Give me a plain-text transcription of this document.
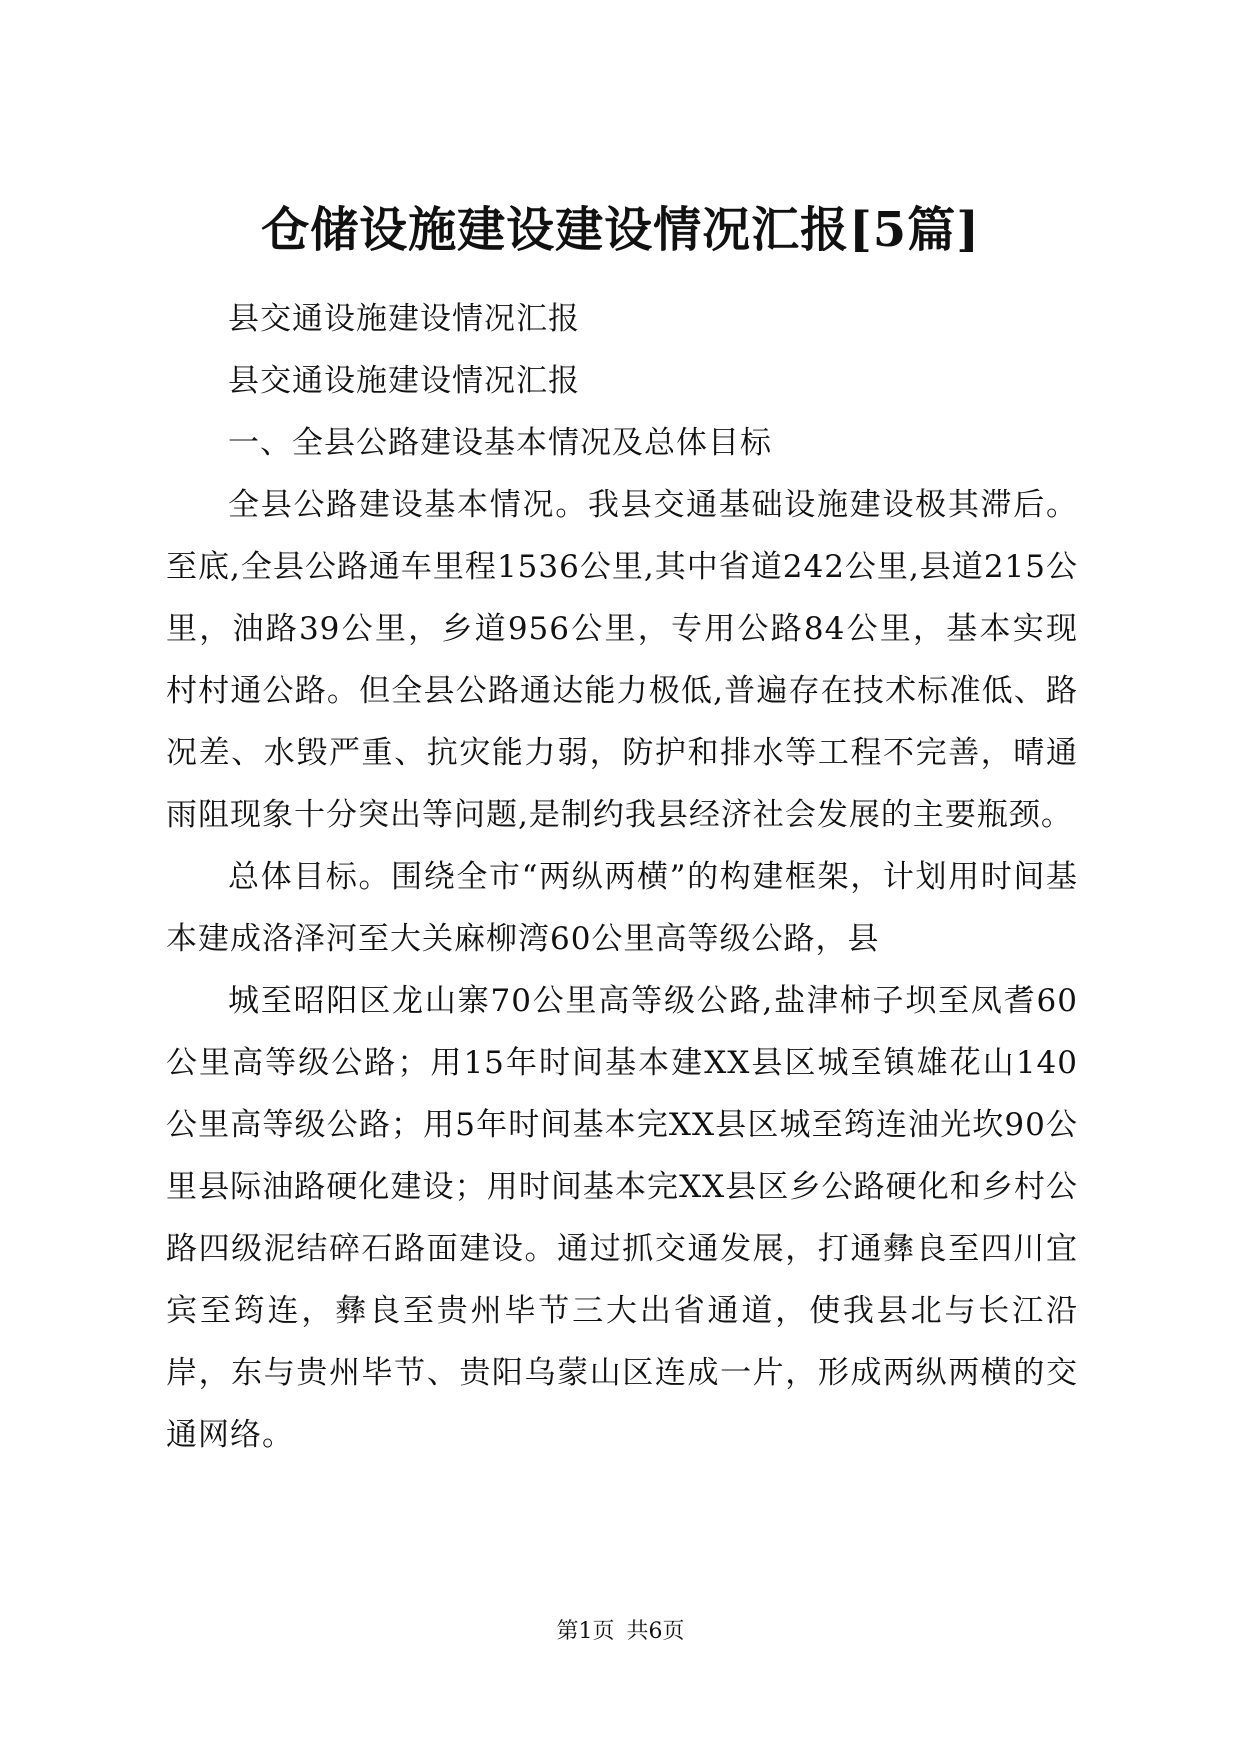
仓储设施建设建设情况汇报[5篇]

县交通设施建设情况汇报

县交通设施建设情况汇报

一、全县公路建设基本情况及总体目标

全县公路建设基本情况。我县交通基础设施建设极其滞后。至底,全县公路通车里程1536公里,其中省道242公里,县道215公里，油路39公里，乡道956公里，专用公路84公里，基本实现村村通公路。但全县公路通达能力极低,普遍存在技术标准低、路况差、水毁严重、抗灾能力弱，防护和排水等工程不完善，晴通雨阻现象十分突出等问题,是制约我县经济社会发展的主要瓶颈。

总体目标。围绕全市“两纵两横”的构建框架，计划用时间基本建成洛泽河至大关麻柳湾60公里高等级公路，县

城至昭阳区龙山寨70公里高等级公路,盐津柿子坝至凤耆60公里高等级公路；用15年时间基本建XX县区城至镇雄花山140公里高等级公路；用5年时间基本完XX县区城至筠连油光坎90公里县际油路硬化建设；用时间基本完XX县区乡公路硬化和乡村公路四级泥结碎石路面建设。通过抓交通发展，打通彝良至四川宜宾至筠连，彝良至贵州毕节三大出省通道，使我县北与长江沿岸，东与贵州毕节、贵阳乌蒙山区连成一片，形成两纵两横的交通网络。

第1页 共6页
